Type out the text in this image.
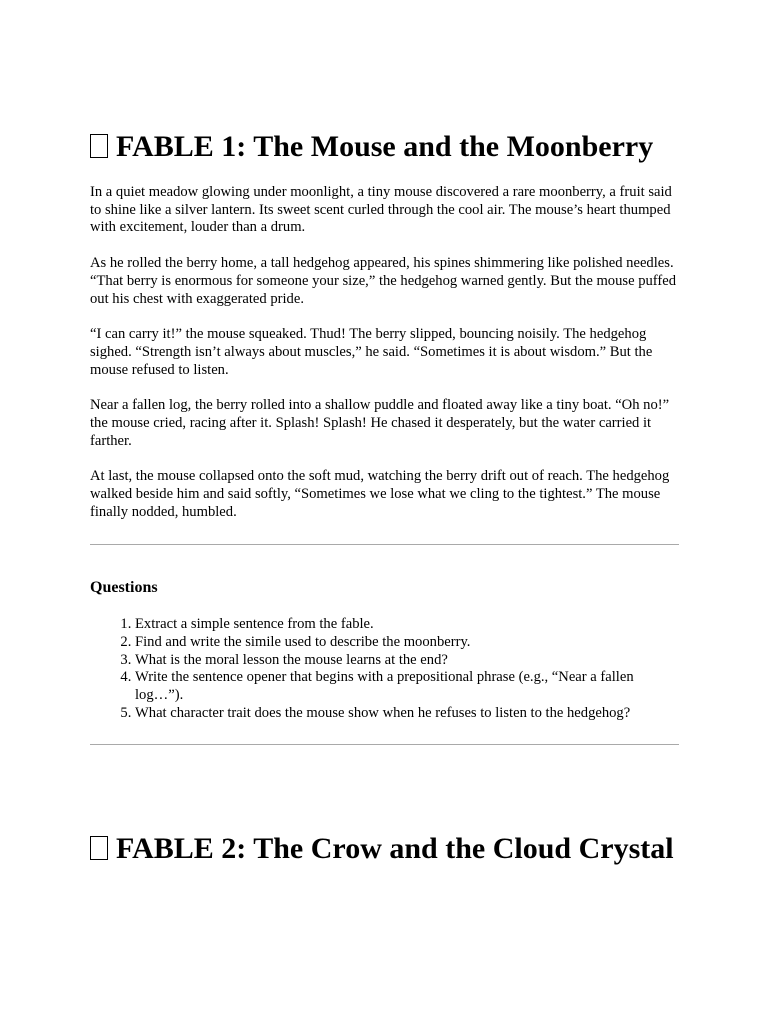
FABLE 1: The Mouse and the Moonberry

In a quiet meadow glowing under moonlight, a tiny mouse discovered a rare moonberry, a fruit said to shine like a silver lantern. Its sweet scent curled through the cool air. The mouse’s heart thumped with excitement, louder than a drum.

As he rolled the berry home, a tall hedgehog appeared, his spines shimmering like polished needles. “That berry is enormous for someone your size,” the hedgehog warned gently. But the mouse puffed out his chest with exaggerated pride.

“I can carry it!” the mouse squeaked. Thud! The berry slipped, bouncing noisily. The hedgehog sighed. “Strength isn’t always about muscles,” he said. “Sometimes it is about wisdom.” But the mouse refused to listen.

Near a fallen log, the berry rolled into a shallow puddle and floated away like a tiny boat. “Oh no!” the mouse cried, racing after it. Splash! Splash! He chased it desperately, but the water carried it farther.

At last, the mouse collapsed onto the soft mud, watching the berry drift out of reach. The hedgehog walked beside him and said softly, “Sometimes we lose what we cling to the tightest.” The mouse finally nodded, humbled.

Questions
1. Extract a simple sentence from the fable.
2. Find and write the simile used to describe the moonberry.
3. What is the moral lesson the mouse learns at the end?
4. Write the sentence opener that begins with a prepositional phrase (e.g., “Near a fallen log…”).
5. What character trait does the mouse show when he refuses to listen to the hedgehog?
FABLE 2: The Crow and the Cloud Crystal
